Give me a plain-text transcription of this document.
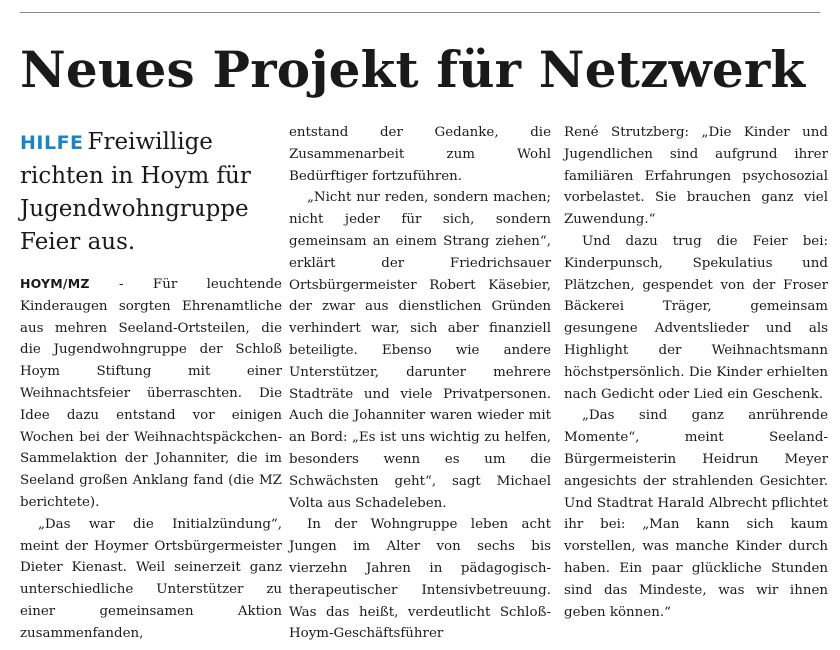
Neues Projekt für Netzwerk
HILFE Freiwillige richten in Hoym für Jugendwohngruppe Feier aus.

HOYM/MZ - Für leuchtende Kinderaugen sorgten Ehrenamtliche aus mehren Seeland-Ortsteilen, die die Jugendwohngruppe der Schloß Hoym Stiftung mit einer Weihnachtsfeier überraschten. Die Idee dazu entstand vor einigen Wochen bei der Weihnachtspäckchen-Sammelaktion der Johanniter, die im Seeland großen Anklang fand (die MZ berichtete).

„Das war die Initialzündung“, meint der Hoymer Ortsbürgermeister Dieter Kienast. Weil seinerzeit ganz unterschiedliche Unterstützer zu einer gemeinsamen Aktion zusammenfanden,

entstand der Gedanke, die Zusammenarbeit zum Wohl Bedürftiger fortzuführen.

„Nicht nur reden, sondern machen; nicht jeder für sich, sondern gemeinsam an einem Strang ziehen“, erklärt der Friedrichsauer Ortsbürgermeister Robert Käsebier, der zwar aus dienstlichen Gründen verhindert war, sich aber finanziell beteiligte. Ebenso wie andere Unterstützer, darunter mehrere Stadträte und viele Privatpersonen. Auch die Johanniter waren wieder mit an Bord: „Es ist uns wichtig zu helfen, besonders wenn es um die Schwächsten geht“, sagt Michael Volta aus Schadeleben.

In der Wohngruppe leben acht Jungen im Alter von sechs bis vierzehn Jahren in pädagogisch-therapeutischer Intensivbetreuung. Was das heißt, verdeutlicht Schloß-Hoym-Geschäftsführer

René Strutzberg: „Die Kinder und Jugendlichen sind aufgrund ihrer familiären Erfahrungen psychosozial vorbelastet. Sie brauchen ganz viel Zuwendung.“

Und dazu trug die Feier bei: Kinderpunsch, Spekulatius und Plätzchen, gespendet von der Froser Bäckerei Träger, gemeinsam gesungene Adventslieder und als Highlight der Weihnachtsmann höchstpersönlich. Die Kinder erhielten nach Gedicht oder Lied ein Geschenk.

„Das sind ganz anrührende Momente“, meint Seeland-Bürgermeisterin Heidrun Meyer angesichts der strahlenden Gesichter. Und Stadtrat Harald Albrecht pflichtet ihr bei: „Man kann sich kaum vorstellen, was manche Kinder durch haben. Ein paar glückliche Stunden sind das Mindeste, was wir ihnen geben können.“
